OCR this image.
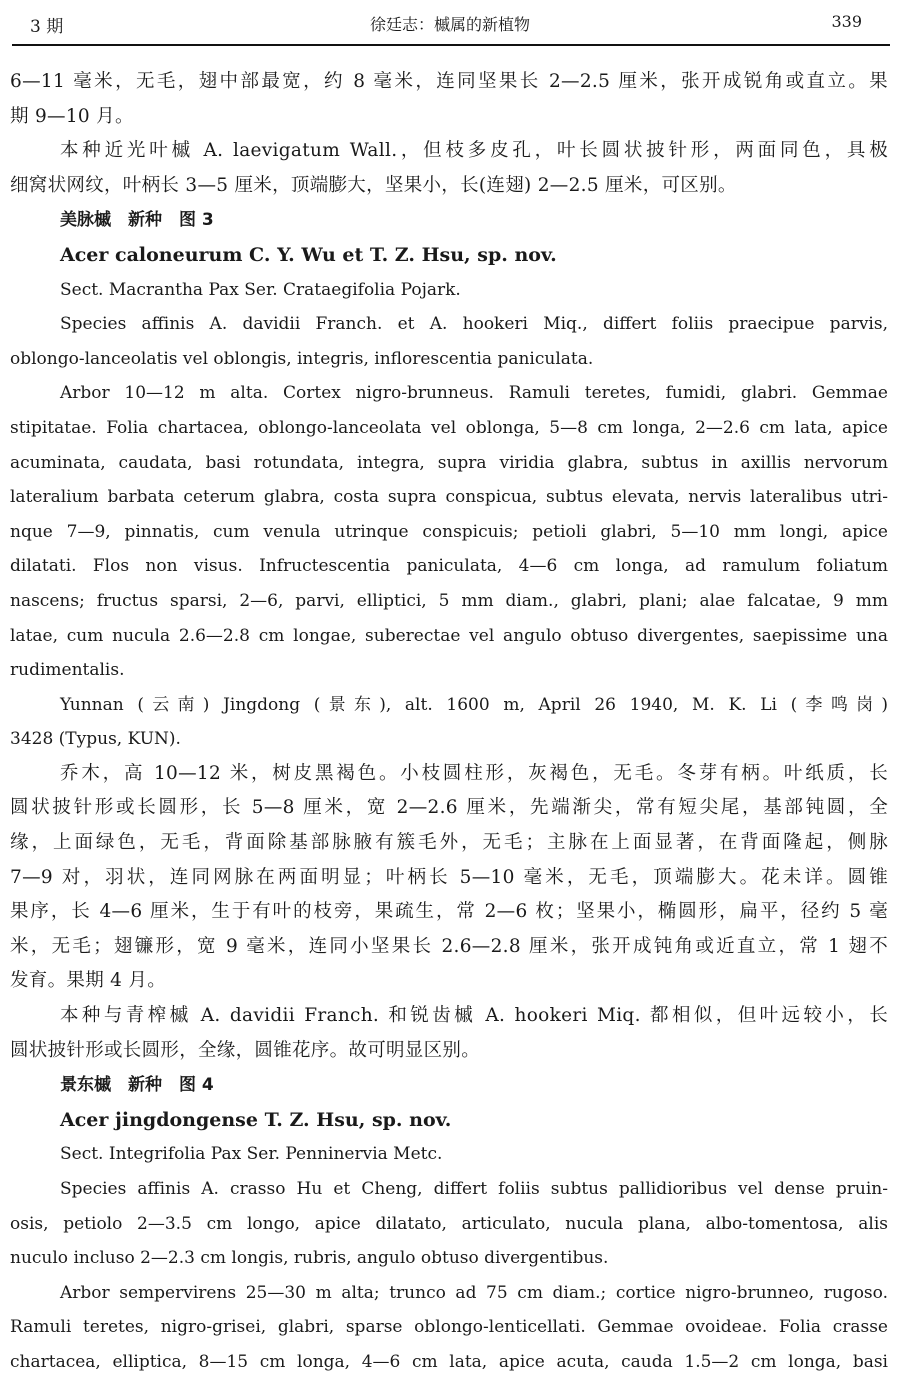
3 期	徐廷志：槭属的新植物	339
6—11 毫米，无毛，翅中部最宽，约 8 毫米，连同坚果长 2—2.5 厘米，张开成锐角或直立。果
期 9—10 月。
本种近光叶槭 A. laevigatum Wall.，但枝多皮孔，叶长圆状披针形，两面同色，具极
细窝状网纹，叶柄长 3—5 厘米，顶端膨大，坚果小，长(连翅) 2—2.5 厘米，可区别。
美脉槭　新种　图 3
Acer caloneurum C. Y. Wu et T. Z. Hsu, sp. nov.
Sect. Macrantha Pax Ser. Crataegifolia Pojark.
Species affinis A. davidii Franch. et A. hookeri Miq., differt foliis praecipue parvis,
oblongo-lanceolatis vel oblongis, integris, inflorescentia paniculata.
Arbor 10—12 m alta. Cortex nigro-brunneus. Ramuli teretes, fumidi, glabri. Gemmae
stipitatae. Folia chartacea, oblongo-lanceolata vel oblonga, 5—8 cm longa, 2—2.6 cm lata, apice
acuminata, caudata, basi rotundata, integra, supra viridia glabra, subtus in axillis nervorum
lateralium barbata ceterum glabra, costa supra conspicua, subtus elevata, nervis lateralibus utri-
nque 7—9, pinnatis, cum venula utrinque conspicuis; petioli glabri, 5—10 mm longi, apice
dilatati. Flos non visus. Infructescentia paniculata, 4—6 cm longa, ad ramulum foliatum
nascens; fructus sparsi, 2—6, parvi, elliptici, 5 mm diam., glabri, plani; alae falcatae, 9 mm
latae, cum nucula 2.6—2.8 cm longae, suberectae vel angulo obtuso divergentes, saepissime una
rudimentalis.
Yunnan (云南) Jingdong (景东), alt. 1600 m, April 26 1940, M. K. Li (李鸣岗)
3428 (Typus, KUN).
乔木，高 10—12 米，树皮黑褐色。小枝圆柱形，灰褐色，无毛。冬芽有柄。叶纸质，长
圆状披针形或长圆形，长 5—8 厘米，宽 2—2.6 厘米，先端渐尖，常有短尖尾，基部钝圆，全
缘，上面绿色，无毛，背面除基部脉腋有簇毛外，无毛；主脉在上面显著，在背面隆起，侧脉
7—9 对，羽状，连同网脉在两面明显；叶柄长 5—10 毫米，无毛，顶端膨大。花未详。圆锥
果序，长 4—6 厘米，生于有叶的枝旁，果疏生，常 2—6 枚；坚果小，椭圆形，扁平，径约 5 毫
米，无毛；翅镰形，宽 9 毫米，连同小坚果长 2.6—2.8 厘米，张开成钝角或近直立，常 1 翅不
发育。果期 4 月。
本种与青榨槭 A. davidii Franch. 和锐齿槭 A. hookeri Miq. 都相似，但叶远较小，长
圆状披针形或长圆形，全缘，圆锥花序。故可明显区别。
景东槭　新种　图 4
Acer jingdongense T. Z. Hsu, sp. nov.
Sect. Integrifolia Pax Ser. Penninervia Metc.
Species affinis A. crasso Hu et Cheng, differt foliis subtus pallidioribus vel dense pruin-
osis, petiolo 2—3.5 cm longo, apice dilatato, articulato, nucula plana, albo-tomentosa, alis
nuculo incluso 2—2.3 cm longis, rubris, angulo obtuso divergentibus.
Arbor sempervirens 25—30 m alta; trunco ad 75 cm diam.; cortice nigro-brunneo, rugoso.
Ramuli teretes, nigro-grisei, glabri, sparse oblongo-lenticellati. Gemmae ovoideae. Folia crasse
chartacea, elliptica, 8—15 cm longa, 4—6 cm lata, apice acuta, cauda 1.5—2 cm longa, basi
